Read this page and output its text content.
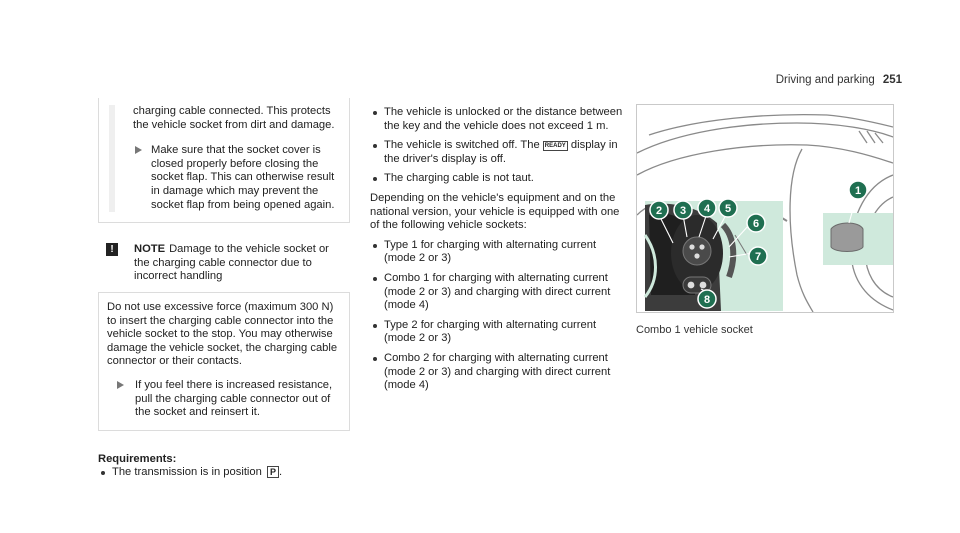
Driving and parking 251

charging cable connected. This protects the vehicle socket from dirt and damage.

Make sure that the socket cover is closed properly before closing the socket flap. This can otherwise result in damage which may prevent the socket flap from being opened again.
!	NOTE Damage to the vehicle socket or the charging cable connector due to incorrect handling

Do not use excessive force (maximum 300 N) to insert the charging cable connector into the vehicle socket to the stop. You may otherwise damage the vehicle socket, the charging cable connector or their contacts.

If you feel there is increased resistance, pull the charging cable connector out of the socket and reinsert it.
Requirements:
The transmission is in position P .
The vehicle is unlocked or the distance between the key and the vehicle does not exceed 1 m.
The vehicle is switched off. The READY display in the driver's display is off.
The charging cable is not taut.

Depending on the vehicle's equipment and on the national version, your vehicle is equipped with one of the following vehicle sockets:

Type 1 for charging with alternating current (mode 2 or 3)
Combo 1 for charging with alternating current (mode 2 or 3) and charging with direct current (mode 4)
Type 2 for charging with alternating current (mode 2 or 3)
Combo 2 for charging with alternating current (mode 2 or 3) and charging with direct current (mode 4)
1
2 3 4 5
6
7
8
Combo 1 vehicle socket
